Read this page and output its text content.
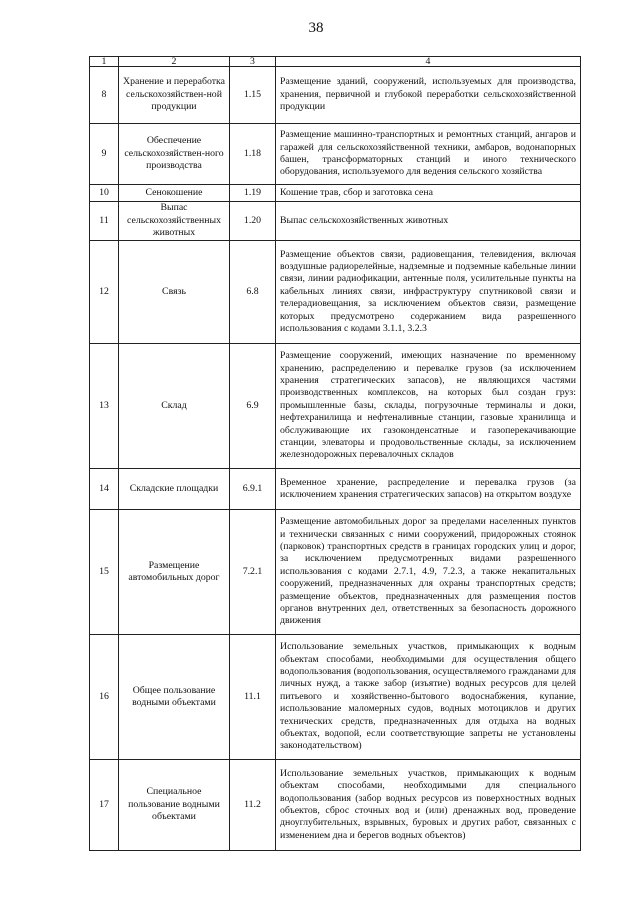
38
1	2	3	4
8	Хранение и переработка сельскохозяйствен-ной продукции	1.15	Размещение зданий, сооружений, используемых для производства, хранения, первичной и глубокой переработки сельскохозяйственной продукции
9	Обеспечение сельскохозяйствен-ного производства	1.18	Размещение машинно-транспортных и ремонтных станций, ангаров и гаражей для сельскохозяйственной техники, амбаров, водонапорных башен, трансформаторных станций и иного технического оборудования, используемого для ведения сельского хозяйства
10	Сенокошение	1.19	Кошение трав, сбор и заготовка сена
11	Выпас сельскохозяйственных животных	1.20	Выпас сельскохозяйственных животных
12	Связь	6.8	Размещение объектов связи, радиовещания, телевидения, включая воздушные радиорелейные, надземные и подземные кабельные линии связи, линии радиофикации, антенные поля, усилительные пункты на кабельных линиях связи, инфраструктуру спутниковой связи и телерадиовещания, за исключением объектов связи, размещение которых предусмотрено содержанием вида разрешенного использования с кодами 3.1.1, 3.2.3
13	Склад	6.9	Размещение сооружений, имеющих назначение по временному хранению, распределению и перевалке грузов (за исключением хранения стратегических запасов), не являющихся частями производственных комплексов, на которых был создан груз: промышленные базы, склады, погрузочные терминалы и доки, нефтехранилища и нефтеналивные станции, газовые хранилища и обслуживающие их газоконденсатные и газоперекачивающие станции, элеваторы и продовольственные склады, за исключением железнодорожных перевалочных складов
14	Складские площадки	6.9.1	Временное хранение, распределение и перевалка грузов (за исключением хранения стратегических запасов) на открытом воздухе
15	Размещение автомобильных дорог	7.2.1	Размещение автомобильных дорог за пределами населенных пунктов и технически связанных с ними сооружений, придорожных стоянок (парковок) транспортных средств в границах городских улиц и дорог, за исключением предусмотренных видами разрешенного использования с кодами 2.7.1, 4.9, 7.2.3, а также некапитальных сооружений, предназначенных для охраны транспортных средств; размещение объектов, предназначенных для размещения постов органов внутренних дел, ответственных за безопасность дорожного движения
16	Общее пользование водными объектами	11.1	Использование земельных участков, примыкающих к водным объектам способами, необходимыми для осуществления общего водопользования (водопользования, осуществляемого гражданами для личных нужд, а также забор (изъятие) водных ресурсов для целей питьевого и хозяйственно-бытового водоснабжения, купание, использование маломерных судов, водных мотоциклов и других технических средств, предназначенных для отдыха на водных объектах, водопой, если соответствующие запреты не установлены законодательством)
17	Специальное пользование водными объектами	11.2	Использование земельных участков, примыкающих к водным объектам способами, необходимыми для специального водопользования (забор водных ресурсов из поверхностных водных объектов, сброс сточных вод и (или) дренажных вод, проведение дноуглубительных, взрывных, буровых и других работ, связанных с изменением дна и берегов водных объектов)
